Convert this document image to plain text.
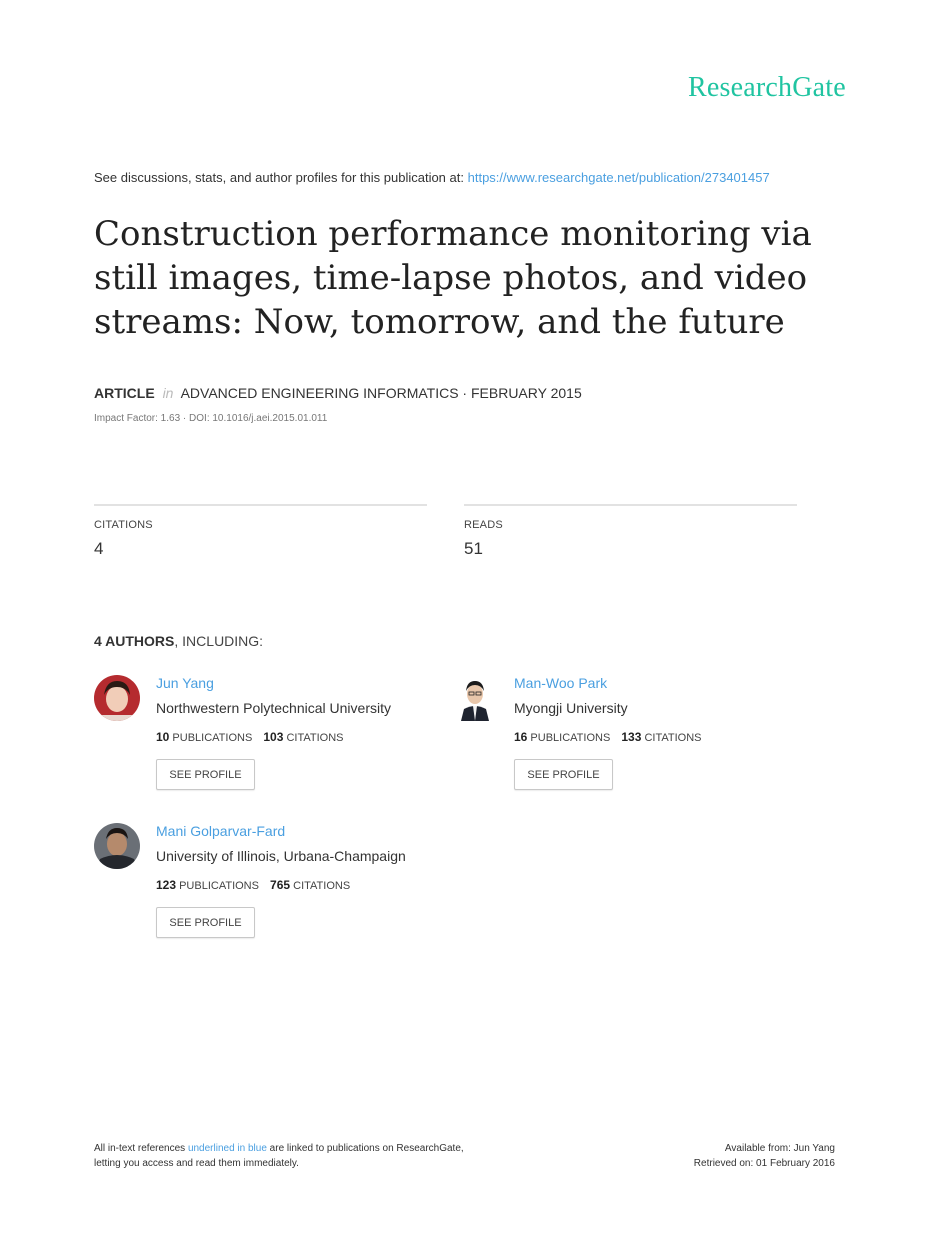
ResearchGate
See discussions, stats, and author profiles for this publication at: https://www.researchgate.net/publication/273401457
Construction performance monitoring via still images, time-lapse photos, and video streams: Now, tomorrow, and the future
ARTICLE in ADVANCED ENGINEERING INFORMATICS · FEBRUARY 2015
Impact Factor: 1.63 · DOI: 10.1016/j.aei.2015.01.011
CITATIONS
4
READS
51
4 AUTHORS, INCLUDING:
Jun Yang
Northwestern Polytechnical University
10 PUBLICATIONS 103 CITATIONS
SEE PROFILE
Man-Woo Park
Myongji University
16 PUBLICATIONS 133 CITATIONS
SEE PROFILE
Mani Golparvar-Fard
University of Illinois, Urbana-Champaign
123 PUBLICATIONS 765 CITATIONS
SEE PROFILE
All in-text references underlined in blue are linked to publications on ResearchGate,
letting you access and read them immediately.
Available from: Jun Yang
Retrieved on: 01 February 2016
